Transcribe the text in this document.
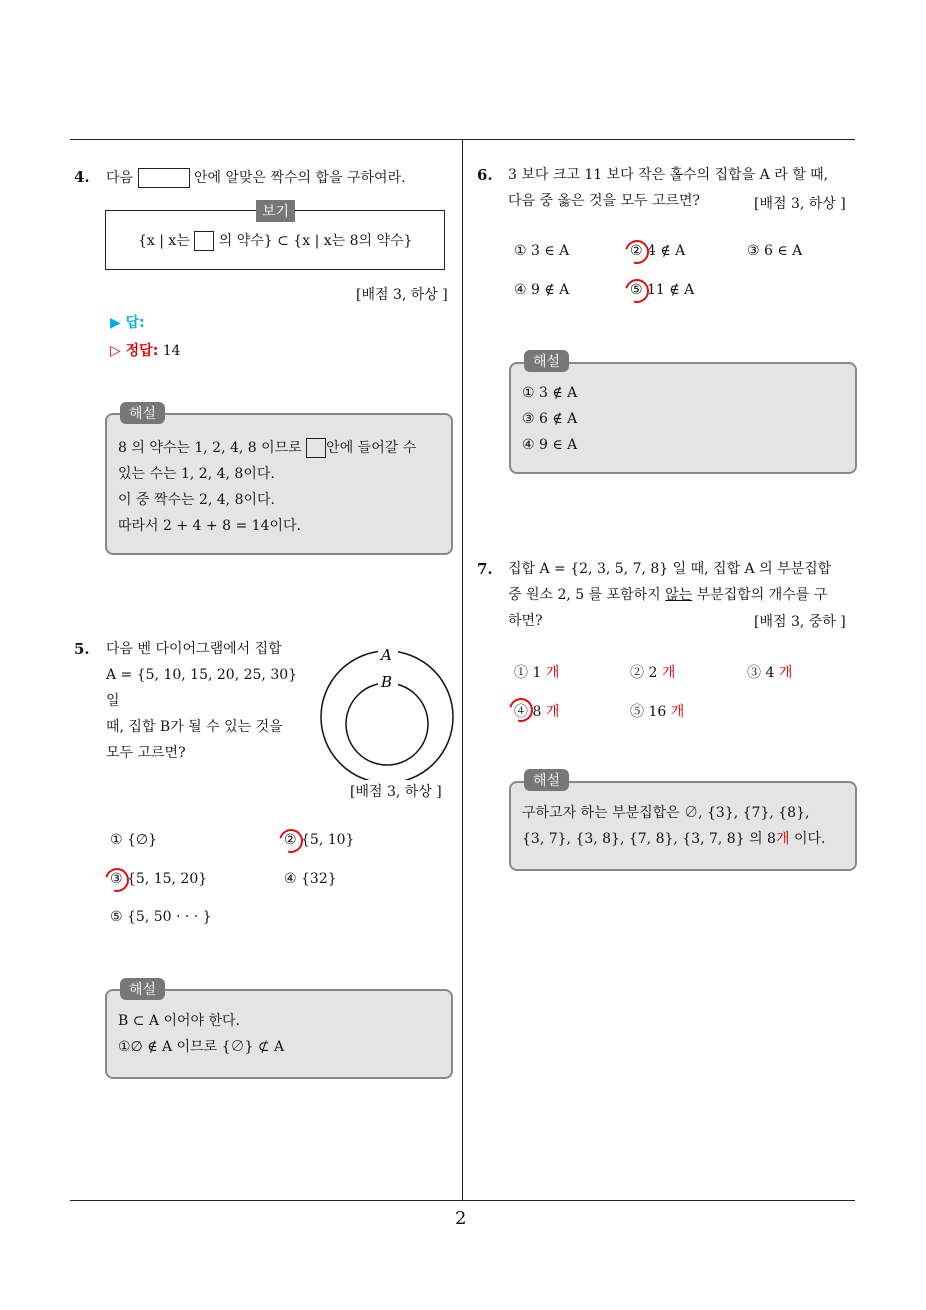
2
4. 다음	안에 알맞은 짝수의 합을 구하여라.
보기
{x | x는 의 약수} ⊂ {x | x는 8의 약수}
[배점 3, 하상 ]
▶ 답:
▷ 정답: 14
해설
8 의 약수는 1, 2, 4, 8 이므로 안에 들어갈 수
있는 수는 1, 2, 4, 8이다.
이 중 짝수는 2, 4, 8이다.
따라서 2 + 4 + 8 = 14이다.
5. 다음 벤 다이어그램에서 집합
A = {5, 10, 15, 20, 25, 30} 일
때, 집합 B가 될 수 있는 것을
모두 고르면?
A
B
[배점 3, 하상 ]
① {∅}	② {5, 10}
③ {5, 15, 20}	④ {32}
⑤ {5, 50 · · · }
해설
B ⊂ A 이어야 한다.
①∅ ∉ A 이므로 {∅} ⊄ A
6. 3 보다 크고 11 보다 작은 홀수의 집합을 A 라 할 때,
다음 중 옳은 것을 모두 고르면?	[배점 3, 하상 ]
① 3 ∈ A	② 4 ∉ A	③ 6 ∈ A
④ 9 ∉ A	⑤ 11 ∉ A
해설
① 3 ∉ A
③ 6 ∉ A
④ 9 ∈ A
7. 집합 A = {2, 3, 5, 7, 8} 일 때, 집합 A 의 부분집합
중 원소 2, 5 를 포함하지 않는 부분집합의 개수를 구
하면?	[배점 3, 중하 ]
① 1 개	② 2 개	③ 4 개
④ 8 개	⑤ 16 개
해설
구하고자 하는 부분집합은 ∅, {3}, {7}, {8},
{3, 7}, {3, 8}, {7, 8}, {3, 7, 8} 의 8개 이다.
